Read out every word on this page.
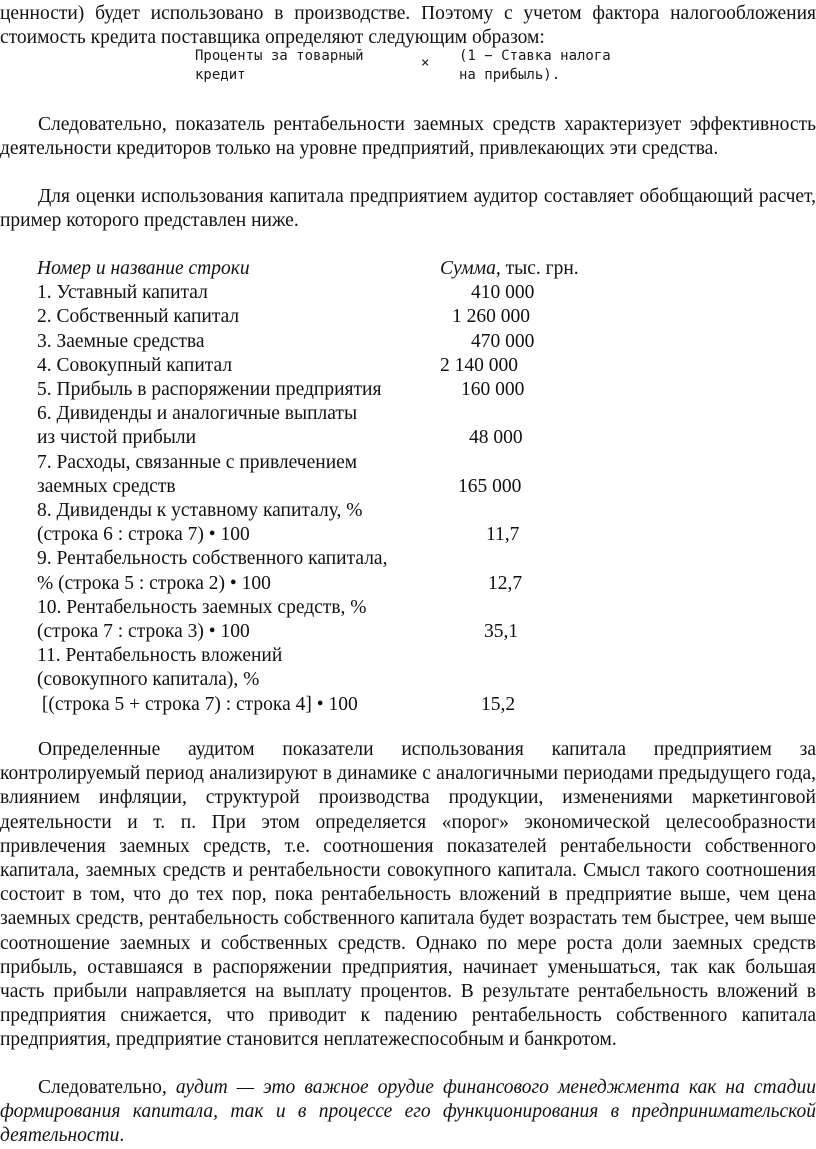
ценности) будет использовано в производстве. Поэтому с учетом фактора налогообложения стоимость кредита поставщика определяют следующим образом:

Проценты за товарный
кредит
× (1 − Ставка налога
на прибыль).

Следовательно, показатель рентабельности заемных средств характеризует эффективность деятельности кредиторов только на уровне предприятий, привлекающих эти средства.

Для оценки использования капитала предприятием аудитор составляет обобщающий расчет, пример которого представлен ниже.

Номер и название строки	Сумма, тыс. грн.
1. Уставный капитал	410 000
2. Собственный капитал	1 260 000
3. Заемные средства	470 000
4. Совокупный капитал	2 140 000
5. Прибыль в распоряжении предприятия	160 000
6. Дивиденды и аналогичные выплаты
из чистой прибыли	48 000
7. Расходы, связанные с привлечением
заемных средств	165 000
8. Дивиденды к уставному капиталу, %
(строка 6 : строка 7) • 100	11,7
9. Рентабельность собственного капитала,
% (строка 5 : строка 2) • 100	12,7
10. Рентабельность заемных средств, %
(строка 7 : строка 3) • 100	35,1
11. Рентабельность вложений
(совокупного капитала), %
[(строка 5 + строка 7) : строка 4] • 100	15,2

Определенные аудитом показатели использования капитала предприятием за контролируемый период анализируют в динамике с аналогичными периодами предыдущего года, влиянием инфляции, структурой производства продукции, изменениями маркетинговой деятельности и т. п. При этом определяется «порог» экономической целесообразности привлечения заемных средств, т.е. соотношения показателей рентабельности собственного капитала, заемных средств и рентабельности совокупного капитала. Смысл такого соотношения состоит в том, что до тех пор, пока рентабельность вложений в предприятие выше, чем цена заемных средств, рентабельность собственного капитала будет возрастать тем быстрее, чем выше соотношение заемных и собственных средств. Однако по мере роста доли заемных средств прибыль, оставшаяся в распоряжении предприятия, начинает уменьшаться, так как большая часть прибыли направляется на выплату процентов. В результате рентабельность вложений в предприятия снижается, что приводит к падению рентабельность собственного капитала предприятия, предприятие становится неплатежеспособным и банкротом.

Следовательно, аудит — это важное орудие финансового менеджмента как на стадии формирования капитала, так и в процессе его функционирования в предпринимательской деятельности.
